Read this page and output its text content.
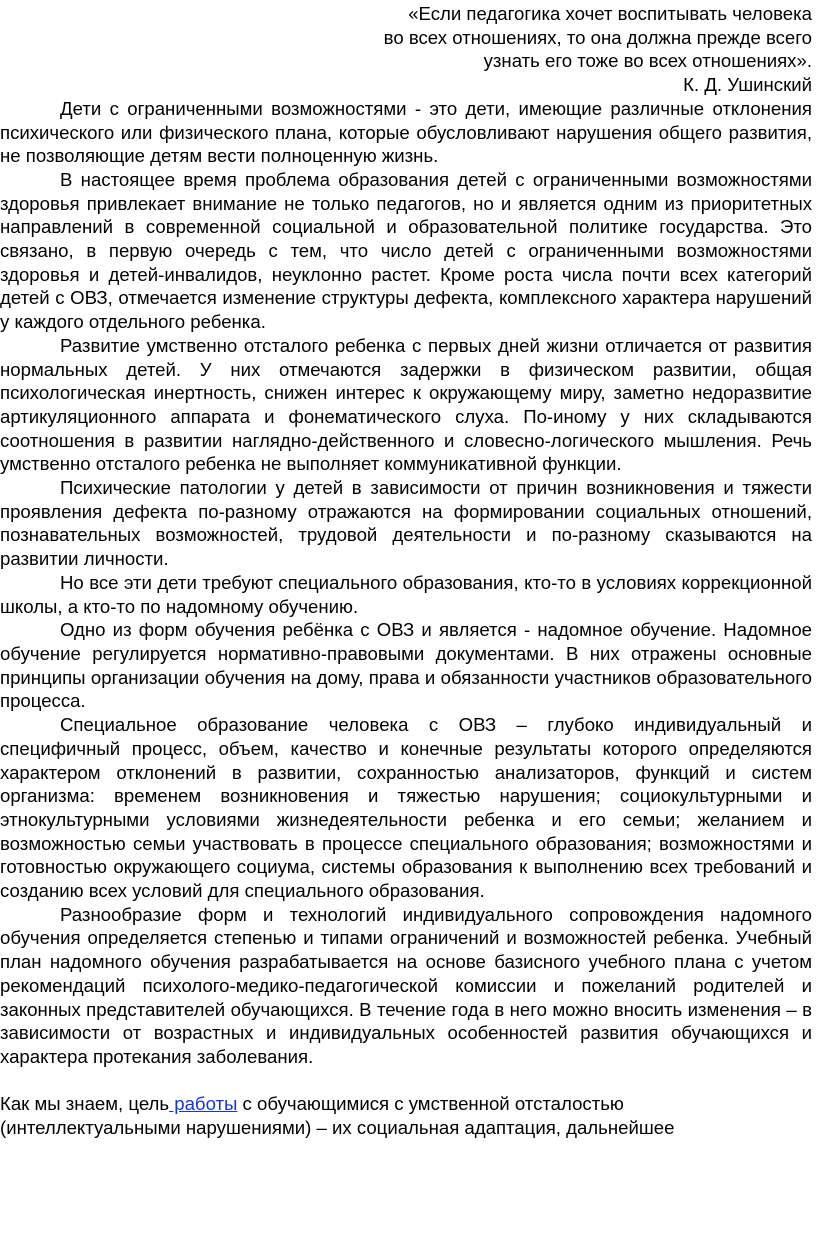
«Если педагогика хочет воспитывать человека
во всех отношениях, то она должна прежде всего
узнать его тоже во всех отношениях».
К. Д. Ушинский

Дети с ограниченными возможностями - это дети, имеющие различные отклонения психического или физического плана, которые обусловливают нарушения общего развития, не позволяющие детям вести полноценную жизнь.

В настоящее время проблема образования детей с ограниченными возможностями здоровья привлекает внимание не только педагогов, но и является одним из приоритетных направлений в современной социальной и образовательной политике государства. Это связано, в первую очередь с тем, что число детей с ограниченными возможностями здоровья и детей-инвалидов, неуклонно растет. Кроме роста числа почти всех категорий детей с ОВЗ, отмечается изменение структуры дефекта, комплексного характера нарушений у каждого отдельного ребенка.

Развитие умственно отсталого ребенка с первых дней жизни отличается от развития нормальных детей. У них отмечаются задержки в физическом развитии, общая психологическая инертность, снижен интерес к окружающему миру, заметно недоразвитие артикуляционного аппарата и фонематического слуха. По-иному у них складываются соотношения в развитии наглядно-действенного и словесно-логического мышления. Речь умственно отсталого ребенка не выполняет коммуникативной функции.

Психические патологии у детей в зависимости от причин возникновения и тяжести проявления дефекта по-разному отражаются на формировании социальных отношений, познавательных возможностей, трудовой деятельности и по-разному сказываются на развитии личности.

Но все эти дети требуют специального образования, кто-то в условиях коррекционной школы, а кто-то по надомному обучению.

Одно из форм обучения ребёнка с ОВЗ и является - надомное обучение. Надомное обучение регулируется нормативно-правовыми документами. В них отражены основные принципы организации обучения на дому, права и обязанности участников образовательного процесса.

Специальное образование человека с ОВЗ – глубоко индивидуальный и специфичный процесс, объем, качество и конечные результаты которого определяются характером отклонений в развитии, сохранностью анализаторов, функций и систем организма: временем возникновения и тяжестью нарушения; социокультурными и этнокультурными условиями жизнедеятельности ребенка и его семьи; желанием и возможностью семьи участвовать в процессе специального образования; возможностями и готовностью окружающего социума, системы образования к выполнению всех требований и созданию всех условий для специального образования.

Разнообразие форм и технологий индивидуального сопровождения надомного обучения определяется степенью и типами ограничений и возможностей ребенка. Учебный план надомного обучения разрабатывается на основе базисного учебного плана с учетом рекомендаций психолого-медико-педагогической комиссии и пожеланий родителей и законных представителей обучающихся. В течение года в него можно вносить изменения – в зависимости от возрастных и индивидуальных особенностей развития обучающихся и характера протекания заболевания.

Как мы знаем, цель работы с обучающимися с умственной отсталостью
(интеллектуальными нарушениями) – их социальная адаптация, дальнейшее
